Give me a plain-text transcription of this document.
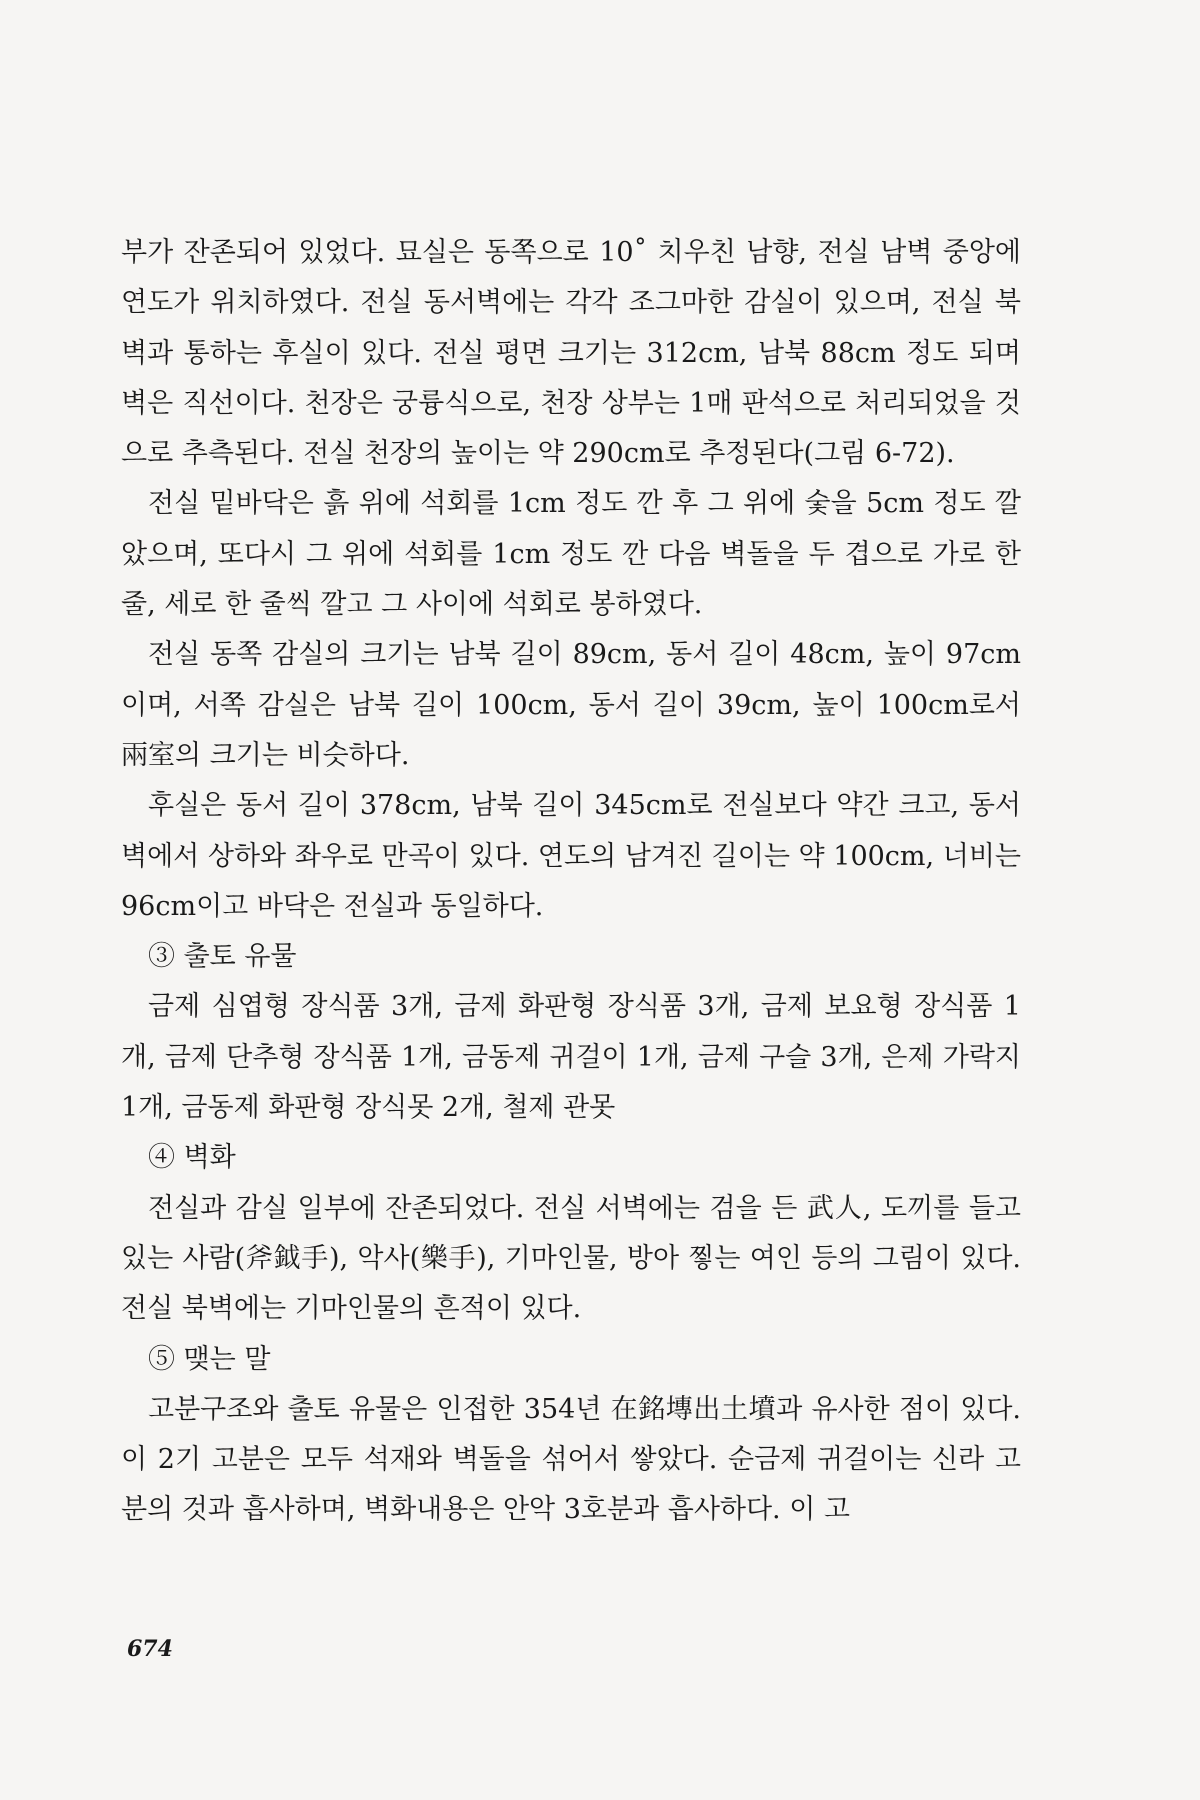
부가 잔존되어 있었다. 묘실은 동쪽으로 10˚ 치우친 남향, 전실 남벽 중앙에 연도가 위치하였다. 전실 동서벽에는 각각 조그마한 감실이 있으며, 전실 북벽과 통하는 후실이 있다. 전실 평면 크기는 312cm, 남북 88cm 정도 되며 벽은 직선이다. 천장은 궁륭식으로, 천장 상부는 1매 판석으로 처리되었을 것으로 추측된다. 전실 천장의 높이는 약 290cm로 추정된다(그림 6-72).

전실 밑바닥은 흙 위에 석회를 1cm 정도 깐 후 그 위에 숯을 5cm 정도 깔았으며, 또다시 그 위에 석회를 1cm 정도 깐 다음 벽돌을 두 겹으로 가로 한 줄, 세로 한 줄씩 깔고 그 사이에 석회로 봉하였다.

전실 동쪽 감실의 크기는 남북 길이 89cm, 동서 길이 48cm, 높이 97cm이며, 서쪽 감실은 남북 길이 100cm, 동서 길이 39cm, 높이 100cm로서 兩室의 크기는 비슷하다.

후실은 동서 길이 378cm, 남북 길이 345cm로 전실보다 약간 크고, 동서벽에서 상하와 좌우로 만곡이 있다. 연도의 남겨진 길이는 약 100cm, 너비는 96cm이고 바닥은 전실과 동일하다.

③ 출토 유물

금제 심엽형 장식품 3개, 금제 화판형 장식품 3개, 금제 보요형 장식품 1개, 금제 단추형 장식품 1개, 금동제 귀걸이 1개, 금제 구슬 3개, 은제 가락지 1개, 금동제 화판형 장식못 2개, 철제 관못

④ 벽화

전실과 감실 일부에 잔존되었다. 전실 서벽에는 검을 든 武人, 도끼를 들고 있는 사람(斧鉞手), 악사(樂手), 기마인물, 방아 찧는 여인 등의 그림이 있다. 전실 북벽에는 기마인물의 흔적이 있다.

⑤ 맺는 말

고분구조와 출토 유물은 인접한 354년 在銘塼出土墳과 유사한 점이 있다. 이 2기 고분은 모두 석재와 벽돌을 섞어서 쌓았다. 순금제 귀걸이는 신라 고분의 것과 흡사하며, 벽화내용은 안악 3호분과 흡사하다. 이 고

674
